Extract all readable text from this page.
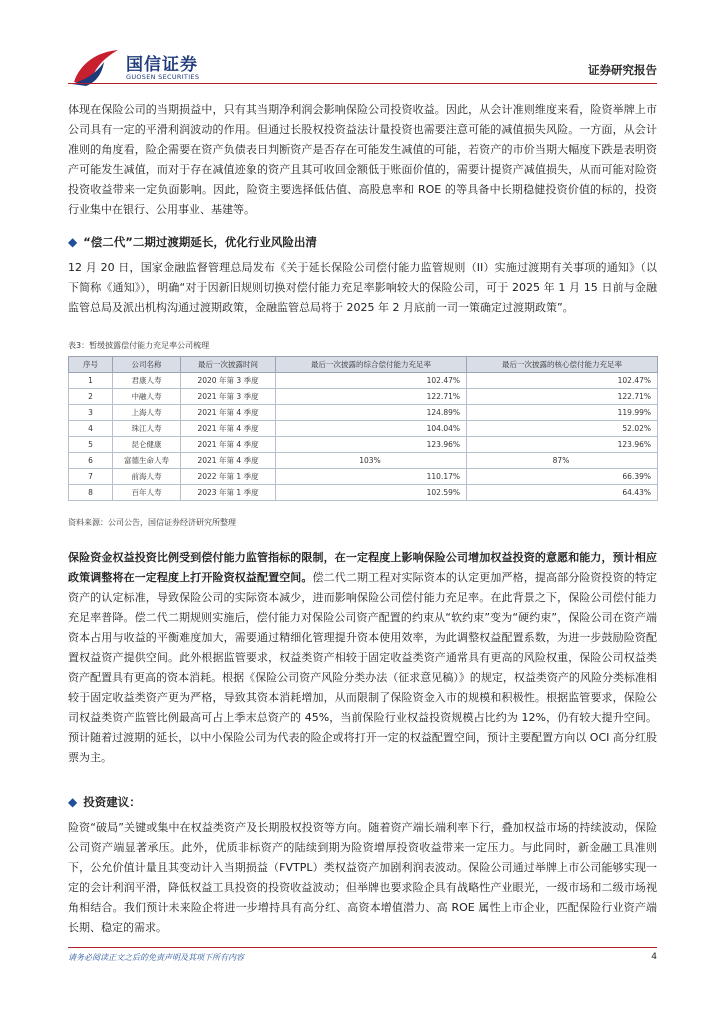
国信证券
GUOSEN SECURITIES	证券研究报告
体现在保险公司的当期损益中，只有其当期净利润会影响保险公司投资收益。因此，从会计准则维度来看，险资举牌上市公司具有一定的平滑利润波动的作用。但通过长股权投资益法计量投资也需要注意可能的减值损失风险。一方面，从会计准则的角度看，险企需要在资产负债表日判断资产是否存在可能发生减值的可能，若资产的市价当期大幅度下跌是表明资产可能发生减值，而对于存在减值迹象的资产且其可收回金额低于账面价值的，需要计提资产减值损失，从而可能对险资投资收益带来一定负面影响。因此，险资主要选择低估值、高股息率和 ROE 的等具备中长期稳健投资价值的标的，投资行业集中在银行、公用事业、基建等。
◆ “偿二代”二期过渡期延长，优化行业风险出清
12 月 20 日，国家金融监督管理总局发布《关于延长保险公司偿付能力监管规则（II）实施过渡期有关事项的通知》（以下简称《通知》），明确“对于因新旧规则切换对偿付能力充足率影响较大的保险公司，可于 2025 年 1 月 15 日前与金融监管总局及派出机构沟通过渡期政策，金融监管总局将于 2025 年 2 月底前一司一策确定过渡期政策”。
表3：暂缓披露偿付能力充足率公司梳理
序号	公司名称	最后一次披露时间	最后一次披露的综合偿付能力充足率	最后一次披露的核心偿付能力充足率
1	君康人寿	2020 年第 3 季度	102.47%	102.47%
2	中融人寿	2021 年第 3 季度	122.71%	122.71%
3	上海人寿	2021 年第 4 季度	124.89%	119.99%
4	珠江人寿	2021 年第 4 季度	104.04%	52.02%
5	昆仑健康	2021 年第 4 季度	123.96%	123.96%
6	富德生命人寿	2021 年第 4 季度	103%	87%
7	前海人寿	2022 年第 1 季度	110.17%	66.39%
8	百年人寿	2023 年第 1 季度	102.59%	64.43%
资料来源：公司公告，国信证券经济研究所整理
保险资金权益投资比例受到偿付能力监管指标的限制，在一定程度上影响保险公司增加权益投资的意愿和能力，预计相应政策调整将在一定程度上打开险资权益配置空间。偿二代二期工程对实际资本的认定更加严格，提高部分险资投资的特定资产的认定标准，导致保险公司的实际资本减少，进而影响保险公司偿付能力充足率。在此背景之下，保险公司偿付能力充足率普降。偿二代二期规则实施后，偿付能力对保险公司资产配置的约束从“软约束”变为“硬约束”，保险公司在资产端资本占用与收益的平衡难度加大，需要通过精细化管理提升资本使用效率，为此调整权益配置系数，为进一步鼓励险资配置权益资产提供空间。此外根据监管要求，权益类资产相较于固定收益类资产通常具有更高的风险权重，保险公司权益类资产配置具有更高的资本消耗。根据《保险公司资产风险分类办法（征求意见稿）》的规定，权益类资产的风险分类标准相较于固定收益类资产更为严格，导致其资本消耗增加，从而限制了保险资金入市的规模和积极性。根据监管要求，保险公司权益类资产监管比例最高可占上季末总资产的 45%，当前保险行业权益投资规模占比约为 12%，仍有较大提升空间。预计随着过渡期的延长，以中小保险公司为代表的险企或将打开一定的权益配置空间，预计主要配置方向以 OCI 高分红股票为主。
◆ 投资建议：
险资“破局”关键或集中在权益类资产及长期股权投资等方向。随着资产端长端利率下行，叠加权益市场的持续波动，保险公司资产端显著承压。此外，优质非标资产的陆续到期为险资增厚投资收益带来一定压力。与此同时，新金融工具准则下，公允价值计量且其变动计入当期损益（FVTPL）类权益资产加剧利润表波动。保险公司通过举牌上市公司能够实现一定的会计利润平滑，降低权益工具投资的投资收益波动；但举牌也要求险企具有战略性产业眼光，一级市场和二级市场视角相结合。我们预计未来险企将进一步增持具有高分红、高资本增值潜力、高 ROE 属性上市企业，匹配保险行业资产端长期、稳定的需求。
请务必阅读正文之后的免责声明及其项下所有内容	4
